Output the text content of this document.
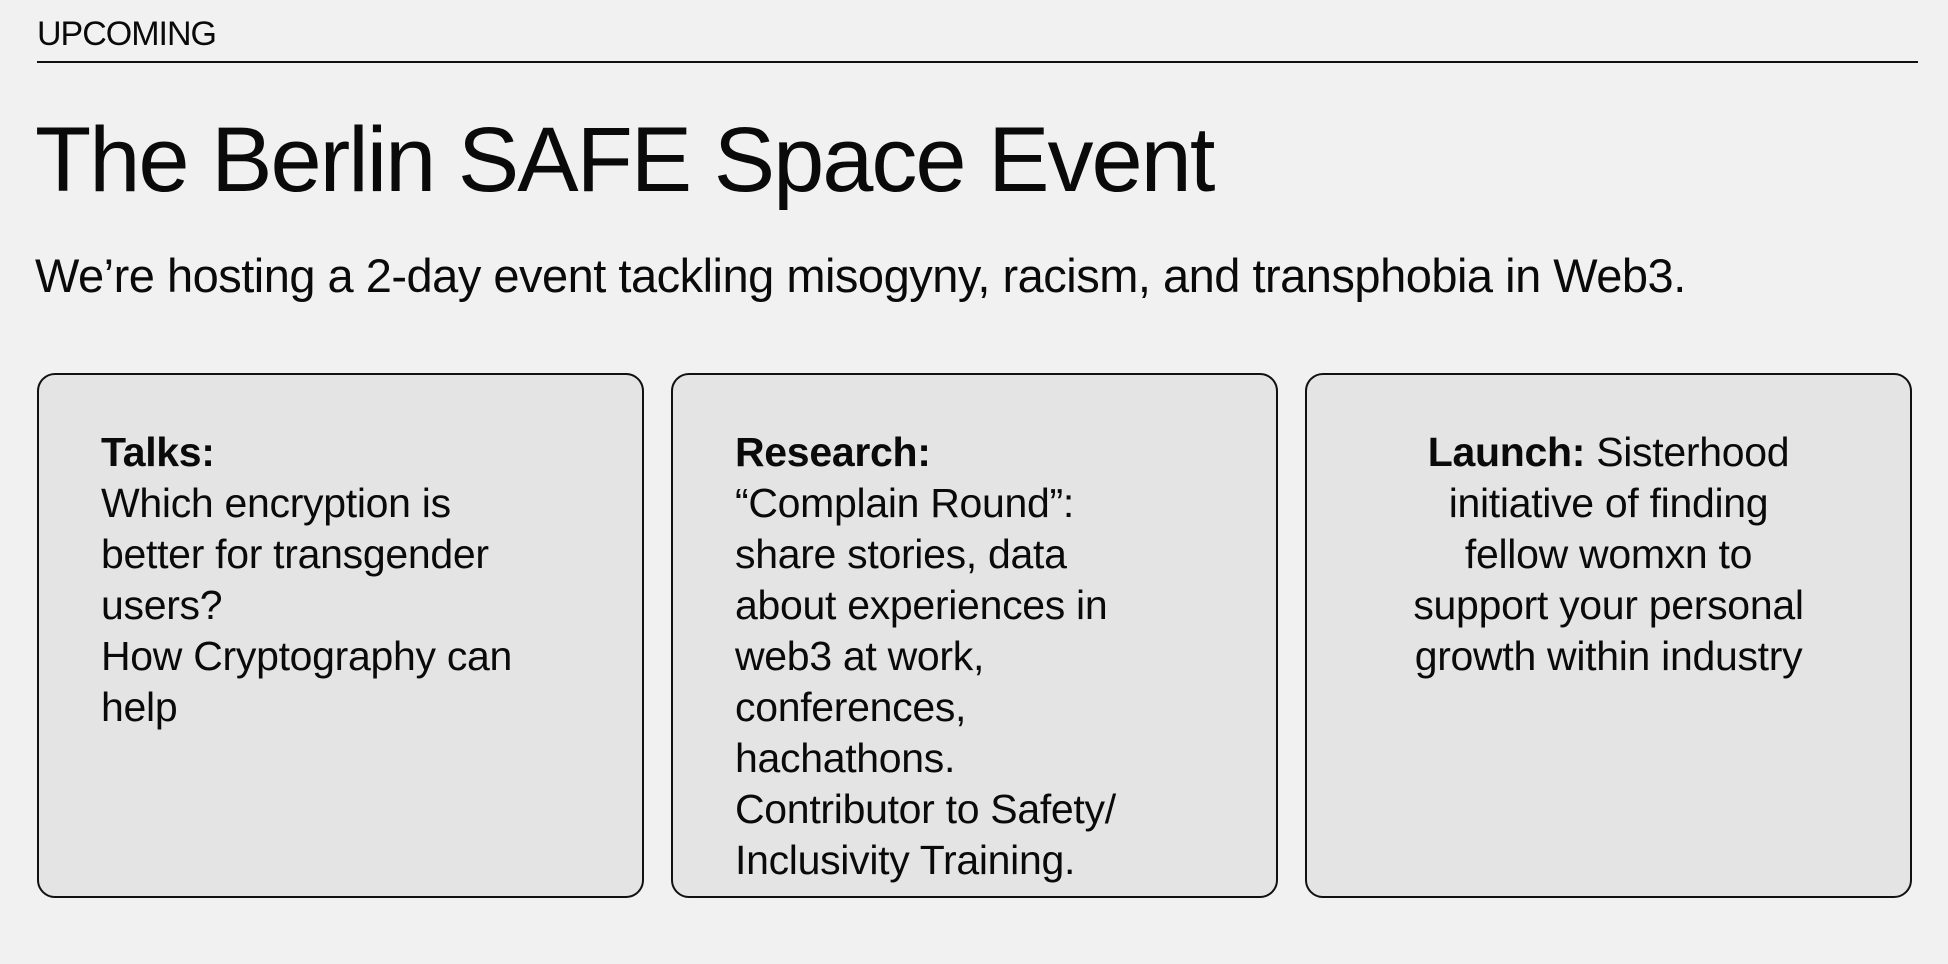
UPCOMING
The Berlin SAFE Space Event

We’re hosting a 2-day event tackling misogyny, racism, and transphobia in Web3.

Talks:
Which encryption is
better for transgender
users?
How Cryptography can
help
Research:
“Complain Round”:
share stories, data
about experiences in
web3 at work,
conferences,
hachathons.
Contributor to Safety/
Inclusivity Training.
Launch: Sisterhood
initiative of finding
fellow womxn to
support your personal
growth within industry
